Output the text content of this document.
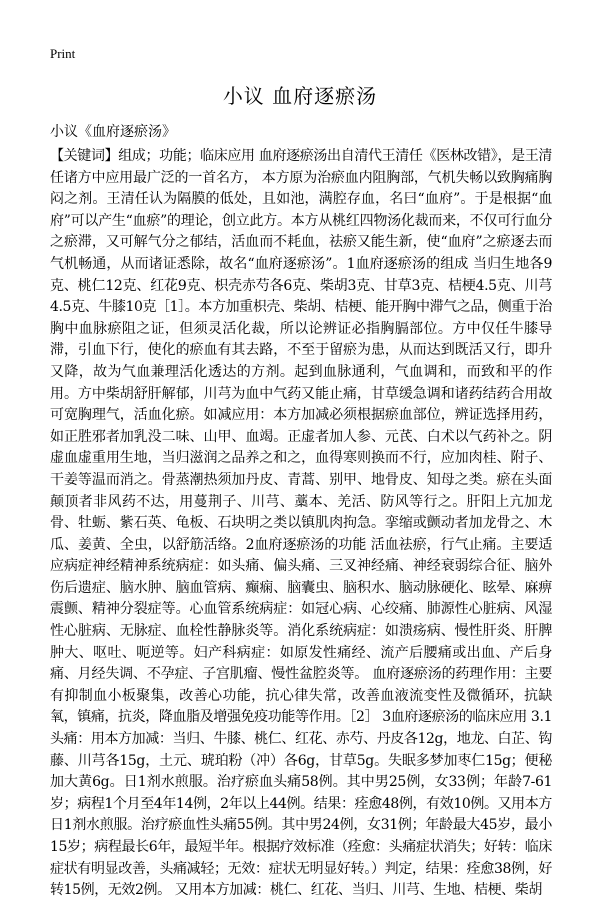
Print
小议 血府逐瘀汤
小议《血府逐瘀汤》
【关键词】组成；功能；临床应用 血府逐瘀汤出自清代王清任《医林改错》，是王清任诸方中应用最广泛的一首名方， 本方原为治瘀血内阻胸部，气机失畅以致胸痛胸闷之剂。王清任认为隔膜的低处，且如池，满腔存血，名曰“血府”。于是根据“血府”可以产生“血瘀”的理论，创立此方。本方从桃红四物汤化裁而来，不仅可行血分之瘀滞，又可解气分之郁结，活血而不耗血，祛瘀又能生新，使“血府”之瘀逐去而气机畅通，从而诸证悉除，故名“血府逐瘀汤”。1血府逐瘀汤的组成 当归生地各9克、桃仁12克、红花9克、枳壳赤芍各6克、柴胡3克、甘草3克、桔梗4.5克、川芎4.5克、牛膝10克［1］。本方加重枳壳、柴胡、桔梗、能开胸中滞气之品，侧重于治胸中血脉瘀阻之证，但须灵活化裁，所以论辨证必指胸膈部位。方中仅任牛膝导滞，引血下行，使化的瘀血有其去路，不至于留瘀为患，从而达到既活又行，即升又降，故为气血兼理活化透达的方剂。起到血脉通利，气血调和，而致和平的作用。方中柴胡舒肝解郁，川芎为血中气药又能止痛，甘草缓急调和诸药结药合用故可宽胸理气，活血化瘀。如减应用：本方加减必须根据瘀血部位，辨证选择用药，如正胜邪者加乳没二味、山甲、血竭。正虚者加人参、元芪、白术以气药补之。阴虚血虚重用生地，当归滋润之品养之和之，血得寒则换而不行，应加肉桂、附子、干姜等温而消之。骨蒸潮热须加丹皮、青蒿、别甲、地骨皮、知母之类。瘀在头面颠顶者非风药不达，用蔓荆子、川芎、藁本、羌活、防风等行之。肝阳上亢加龙骨、牡蛎、紫石英、龟板、石块明之类以镇肌肉拘急。挛缩或颤动者加龙骨之、木瓜、姜黄、全虫，以舒筋活络。2血府逐瘀汤的功能 活血祛瘀，行气止痛。主要适应病症神经精神系统病症：如头痛、偏头痛、三叉神经痛、神经衰弱综合征、脑外伤后遗症、脑水肿、脑血管病、癫痫、脑囊虫、脑积水、脑动脉硬化、眩晕、麻痹震颤、精神分裂症等。心血管系统病症：如冠心病、心绞痛、肺源性心脏病、风湿性心脏病、无脉症、血栓性静脉炎等。消化系统病症：如溃疡病、慢性肝炎、肝脾肿大、呕吐、呃逆等。妇产科病症：如原发性痛经、流产后腰痛或出血、产后身痛、月经失调、不孕症、子宫肌瘤、慢性盆腔炎等。 血府逐瘀汤的药理作用：主要有抑制血小板聚集，改善心功能，抗心律失常，改善血液流变性及微循环，抗缺氧，镇痛，抗炎，降血脂及增强免疫功能等作用。［2］ 3血府逐瘀汤的临床应用 3.1头痛：用本方加减：当归、牛膝、桃仁、红花、赤芍、丹皮各12g，地龙、白芷、钩藤、川芎各15g，土元、琥珀粉（冲）各6g，甘草5g。失眠多梦加枣仁15g；便秘加大黄6g。日1剂水煎服。治疗瘀血头痛58例。其中男25例，女33例；年龄7-61岁；病程1个月至4年14例，2年以上44例。结果：痊愈48例，有效10例。又用本方日1剂水煎服。治疗瘀血性头痛55例。其中男24例，女31例；年龄最大45岁，最小15岁；病程最长6年，最短半年。根据疗效标准（痊愈：头痛症状消失；好转：临床症状有明显改善，头痛减轻；无效：症状无明显好转。）判定，结果：痊愈38例，好转15例，无效2例。 又用本方加减：桃仁、红花、当归、川芎、生地、桔梗、柴胡
